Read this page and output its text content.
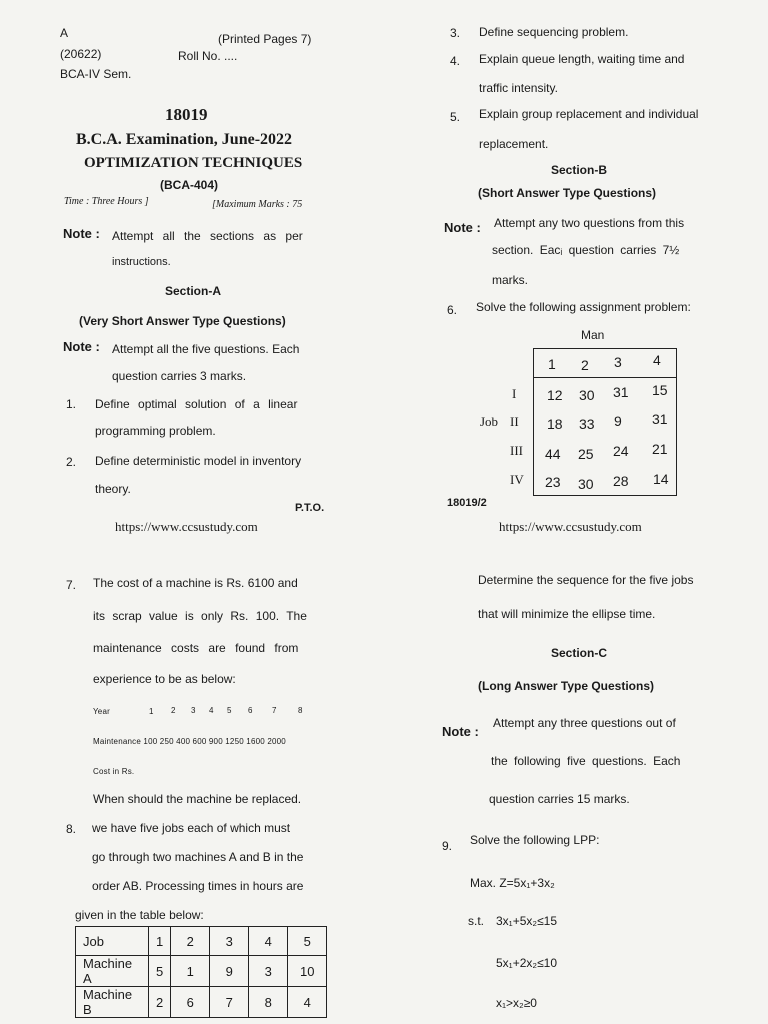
A	(Printed Pages 7)
(20622)	Roll No. ....
BCA-IV Sem.
18019
B.C.A. Examination, June-2022
OPTIMIZATION TECHNIQUES
(BCA-404)
Time : Three Hours ]	[Maximum Marks : 75
Note : Attempt all the sections as per
instructions.
Section-A
(Very Short Answer Type Questions)
Note : Attempt all the five questions. Each
question carries 3 marks.
1. Define optimal solution of a linear
programming problem.
2. Define deterministic model in inventory
theory.
P.T.O.
https://www.ccsustudy.com
3. Define sequencing problem.
4. Explain queue length, waiting time and
traffic intensity.
5. Explain group replacement and individual
replacement.
Section-B
(Short Answer Type Questions)
Note : Attempt any two questions from this
section. Eacᵢ question carries 7½
marks.
6. Solve the following assignment problem:
Man
Job
1 2 3 4
I 12 30 31 15
II 18 33 9 31
III 44 25 24 21
IV 23 30 28 14
18019/2
https://www.ccsustudy.com
7. The cost of a machine is Rs. 6100 and
its scrap value is only Rs. 100. The
maintenance costs are found from
experience to be as below:
Year	1 2 3 4 5 6 7	8
Maintenance 100 250 400 600 900 1250 1600 2000
Cost in Rs.
When should the machine be replaced.
8. we have five jobs each of which must
go through two machines A and B in the
order AB. Processing times in hours are
given in the table below:
Job	1	2	3	4	5
Machine A	5	1	9	3	10
Machine B	2	6	7	8	4
Determine the sequence for the five jobs
that will minimize the ellipse time.
Section-C
(Long Answer Type Questions)
Note :
Attempt any three questions out of
the following five questions. Each
question carries 15 marks.
9. Solve the following LPP:
Max. Z=5x₁+3x₂
s.t. 3x₁+5x₂≤15
5x₁+2x₂≤10
x₁>x₂≥0
